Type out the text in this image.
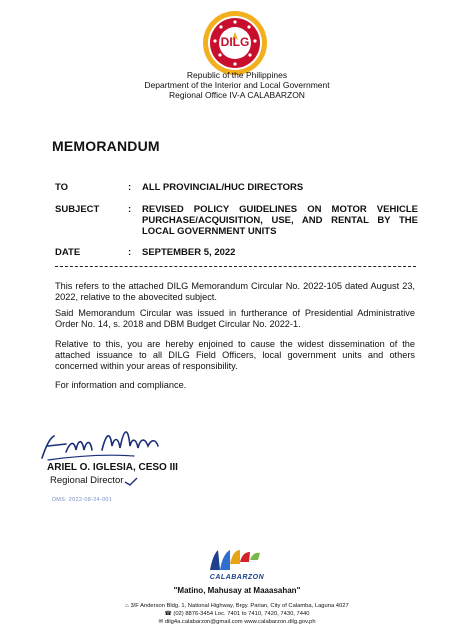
DILG
Republic of the Philippines
Department of the Interior and Local Government
Regional Office IV-A CALABARZON
MEMORANDUM
TO	: ALL PROVINCIAL/HUC DIRECTORS
SUBJECT	: REVISED POLICY GUIDELINES ON MOTOR VEHICLE PURCHASE/ACQUISITION, USE, AND RENTAL BY THE LOCAL GOVERNMENT UNITS
DATE	: SEPTEMBER 5, 2022
This refers to the attached DILG Memorandum Circular No. 2022-105 dated August 23, 2022, relative to the abovecited subject.
Said Memorandum Circular was issued in furtherance of Presidential Administrative Order No. 14, s. 2018 and DBM Budget Circular No. 2022-1.
Relative to this, you are hereby enjoined to cause the widest dissemination of the attached issuance to all DILG Field Officers, local government units and others concerned within your areas of responsibility.
For information and compliance.
ARIEL O. IGLESIA, CESO III
Regional Director
DMS: 2022-08-24-001
CALABARZON
"Matino, Mahusay at Maaasahan"
⌂ 3/F Anderson Bldg. 1, National Highway, Brgy. Parian, City of Calamba, Laguna 4027
☎ (02) 8876-3454 Loc. 7401 to 7410, 7420, 7430, 7440
✉ dilg4a.calabarzon@gmail.com www.calabarzon.dilg.gov.ph
